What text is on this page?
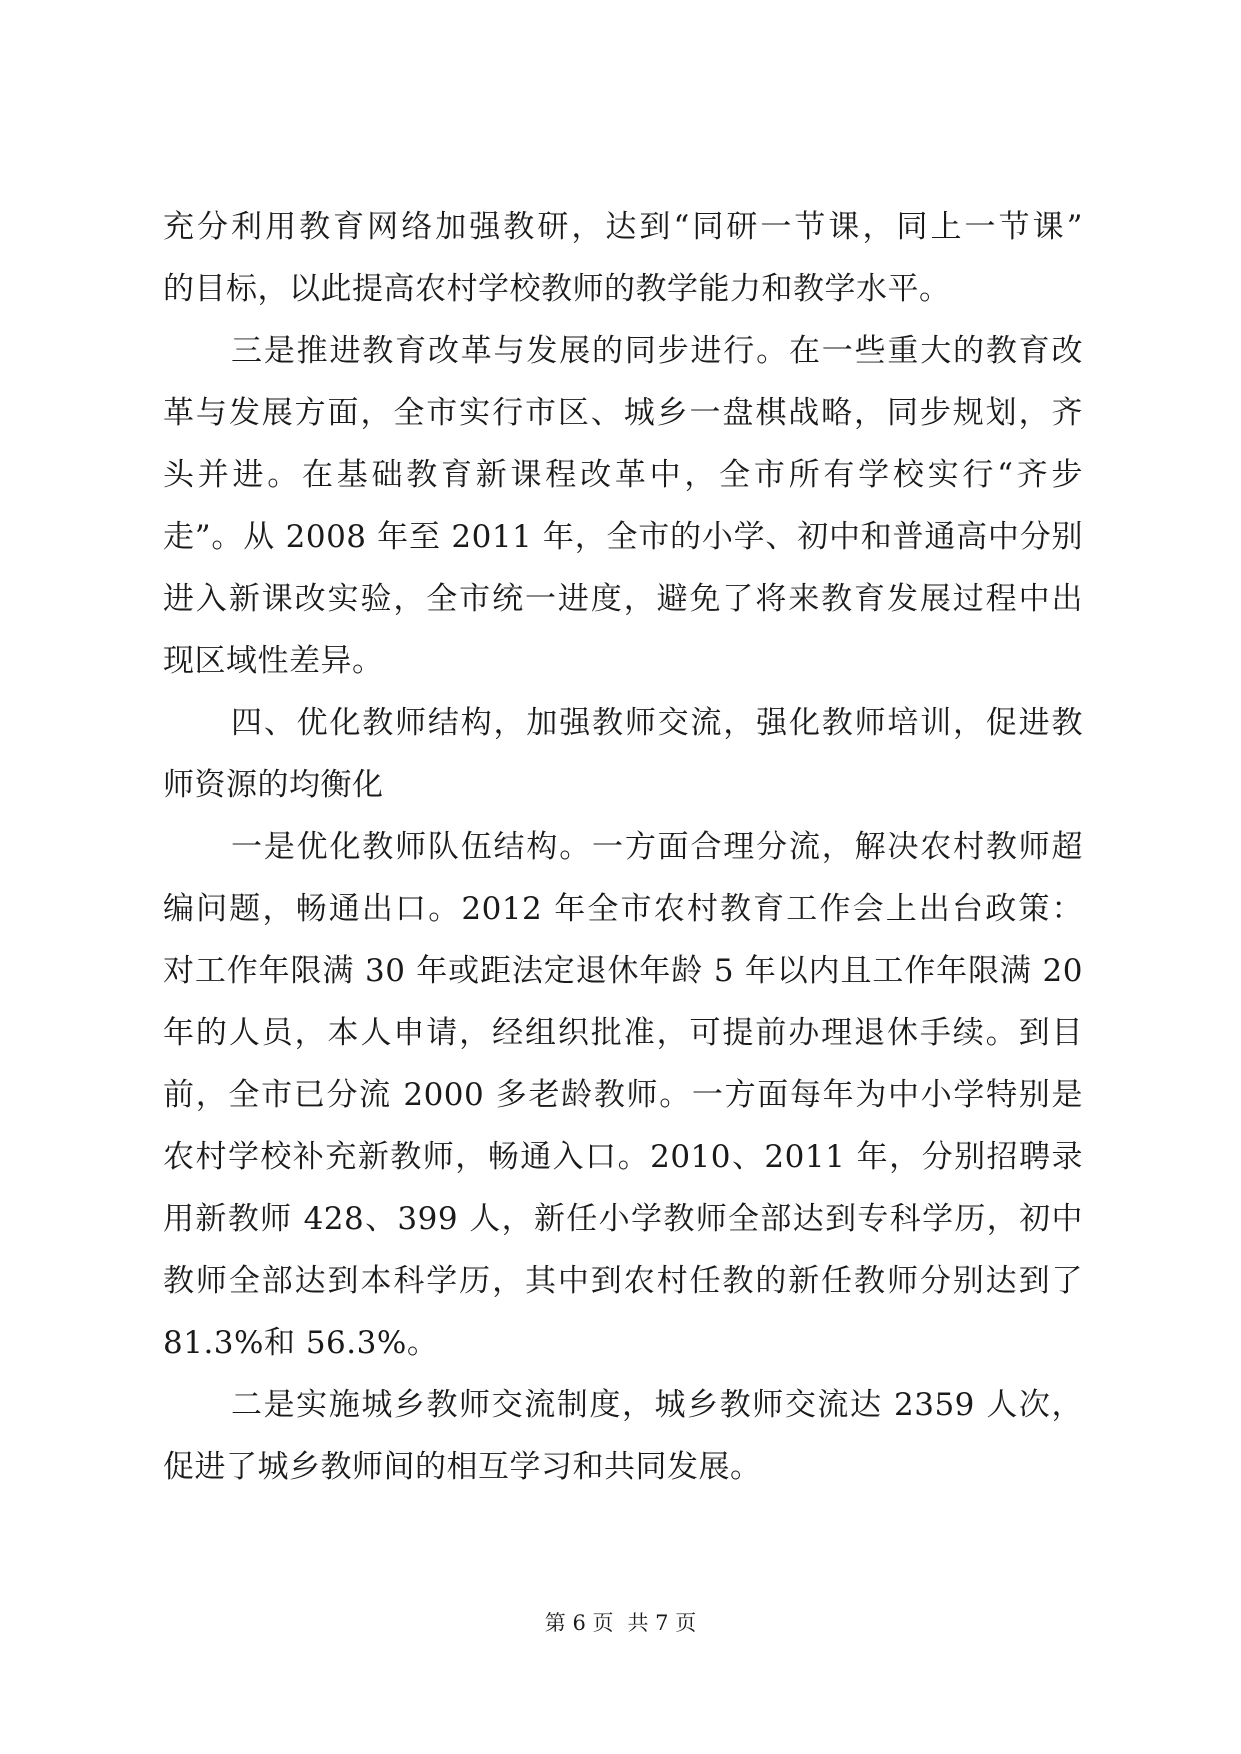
充分利用教育网络加强教研，达到“同研一节课，同上一节课”
的目标，以此提高农村学校教师的教学能力和教学水平。
三是推进教育改革与发展的同步进行。在一些重大的教育改
革与发展方面，全市实行市区、城乡一盘棋战略，同步规划，齐
头并进。在基础教育新课程改革中，全市所有学校实行“齐步
走”。从 2008 年至 2011 年，全市的小学、初中和普通高中分别
进入新课改实验，全市统一进度，避免了将来教育发展过程中出
现区域性差异。
四、优化教师结构，加强教师交流，强化教师培训，促进教
师资源的均衡化
一是优化教师队伍结构。一方面合理分流，解决农村教师超
编问题，畅通出口。2012 年全市农村教育工作会上出台政策：
对工作年限满 30 年或距法定退休年龄 5 年以内且工作年限满 20
年的人员，本人申请，经组织批准，可提前办理退休手续。到目
前，全市已分流 2000 多老龄教师。一方面每年为中小学特别是
农村学校补充新教师，畅通入口。2010、2011 年，分别招聘录
用新教师 428、399 人，新任小学教师全部达到专科学历，初中
教师全部达到本科学历，其中到农村任教的新任教师分别达到了
81.3%和 56.3%。
二是实施城乡教师交流制度，城乡教师交流达 2359 人次，
促进了城乡教师间的相互学习和共同发展。
第 6 页 共 7 页
